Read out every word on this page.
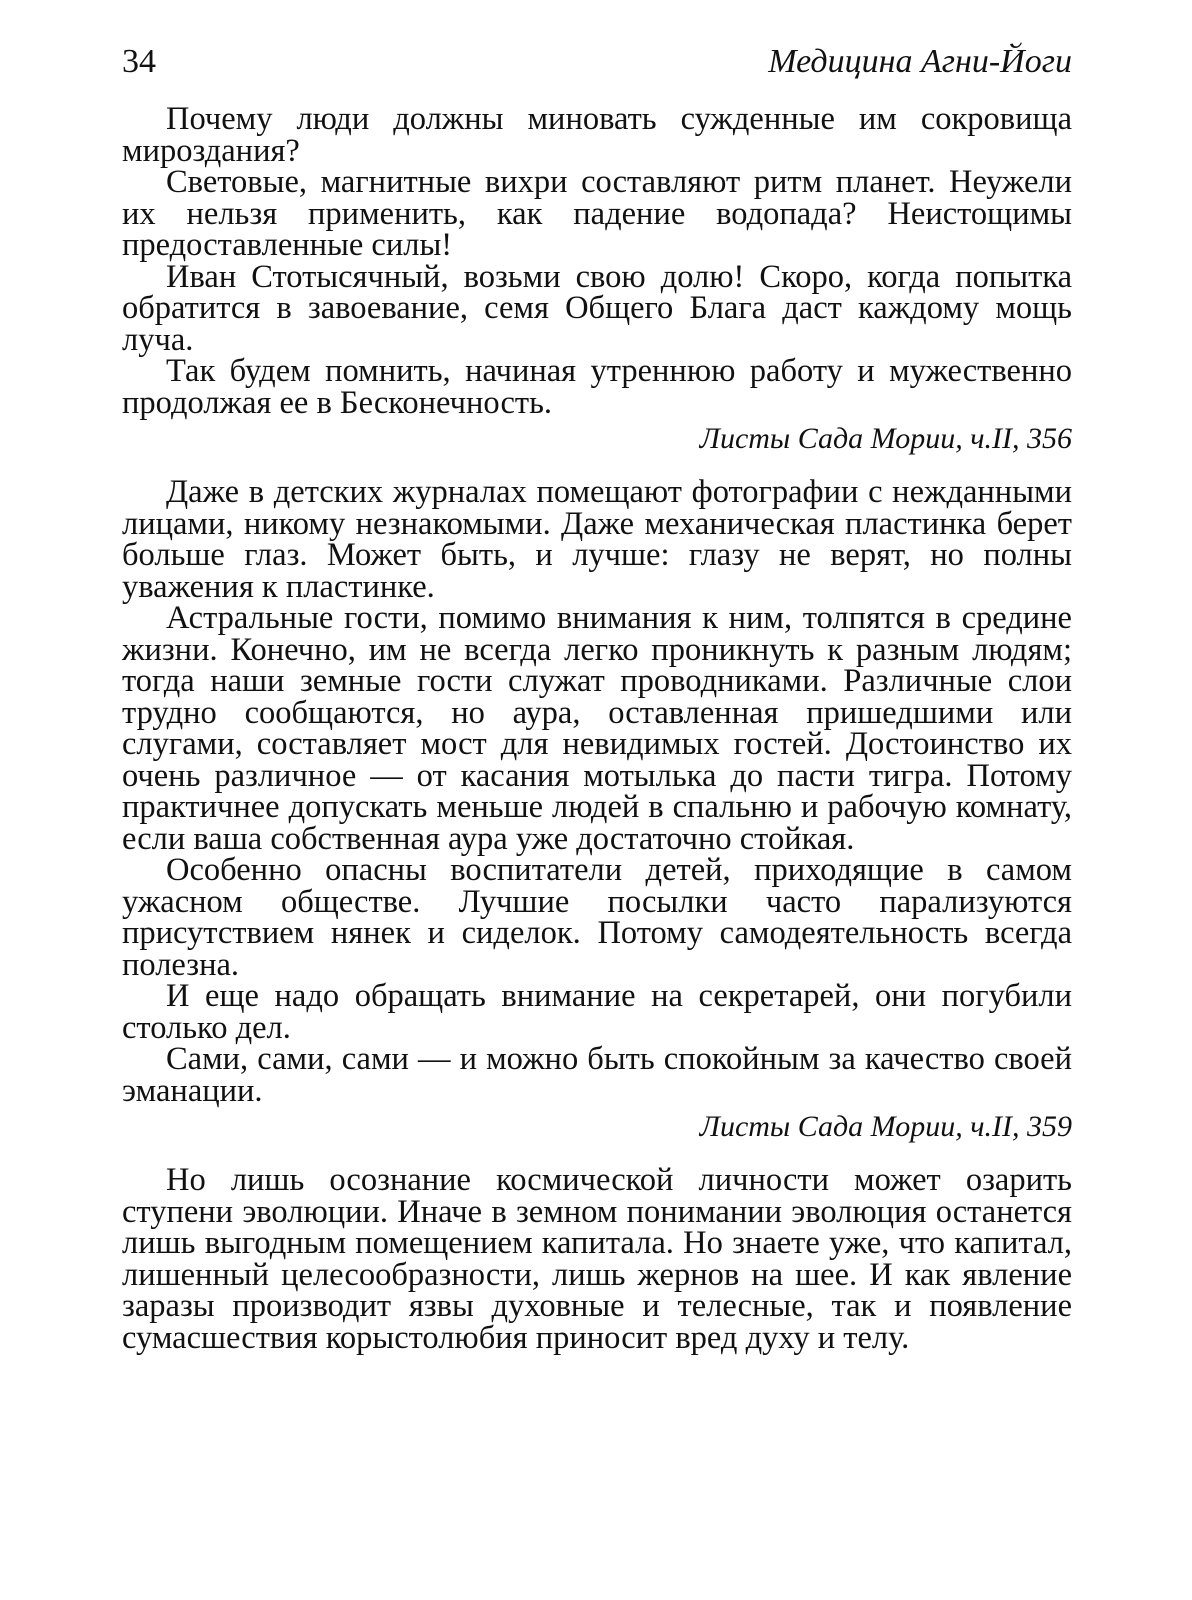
34	Медицина Агни-Йоги

Почему люди должны миновать сужденные им сокровища мироздания?

Световые, магнитные вихри составляют ритм планет. Неужели их нельзя применить, как падение водопада? Неистощимы предоставленные силы!

Иван Стотысячный, возьми свою долю! Скоро, когда попытка обратится в завоевание, семя Общего Блага даст каждому мощь луча.

Так будем помнить, начиная утреннюю работу и мужественно продолжая ее в Бесконечность.

Листы Сада Мории, ч.II, 356

Даже в детских журналах помещают фотографии с нежданными лицами, никому незнакомыми. Даже механическая пластинка берет больше глаз. Может быть, и лучше: глазу не верят, но полны уважения к пластинке.

Астральные гости, помимо внимания к ним, толпятся в средине жизни. Конечно, им не всегда легко проникнуть к разным людям; тогда наши земные гости служат проводниками. Различные слои трудно сообщаются, но аура, оставленная пришедшими или слугами, составляет мост для невидимых гостей. Достоинство их очень различное — от касания мотылька до пасти тигра. Потому практичнее допускать меньше людей в спальню и рабочую комнату, если ваша собственная аура уже достаточно стойкая.

Особенно опасны воспитатели детей, приходящие в самом ужасном обществе. Лучшие посылки часто парализуются присутствием нянек и сиделок. Потому самодеятельность всегда полезна.

И еще надо обращать внимание на секретарей, они погубили столько дел.

Сами, сами, сами — и можно быть спокойным за качество своей эманации.

Листы Сада Мории, ч.II, 359

Но лишь осознание космической личности может озарить ступени эволюции. Иначе в земном понимании эволюция останется лишь выгодным помещением капитала. Но знаете уже, что капитал, лишенный целесообразности, лишь жернов на шее. И как явление заразы производит язвы духовные и телесные, так и появление сумасшествия корыстолюбия приносит вред духу и телу.
